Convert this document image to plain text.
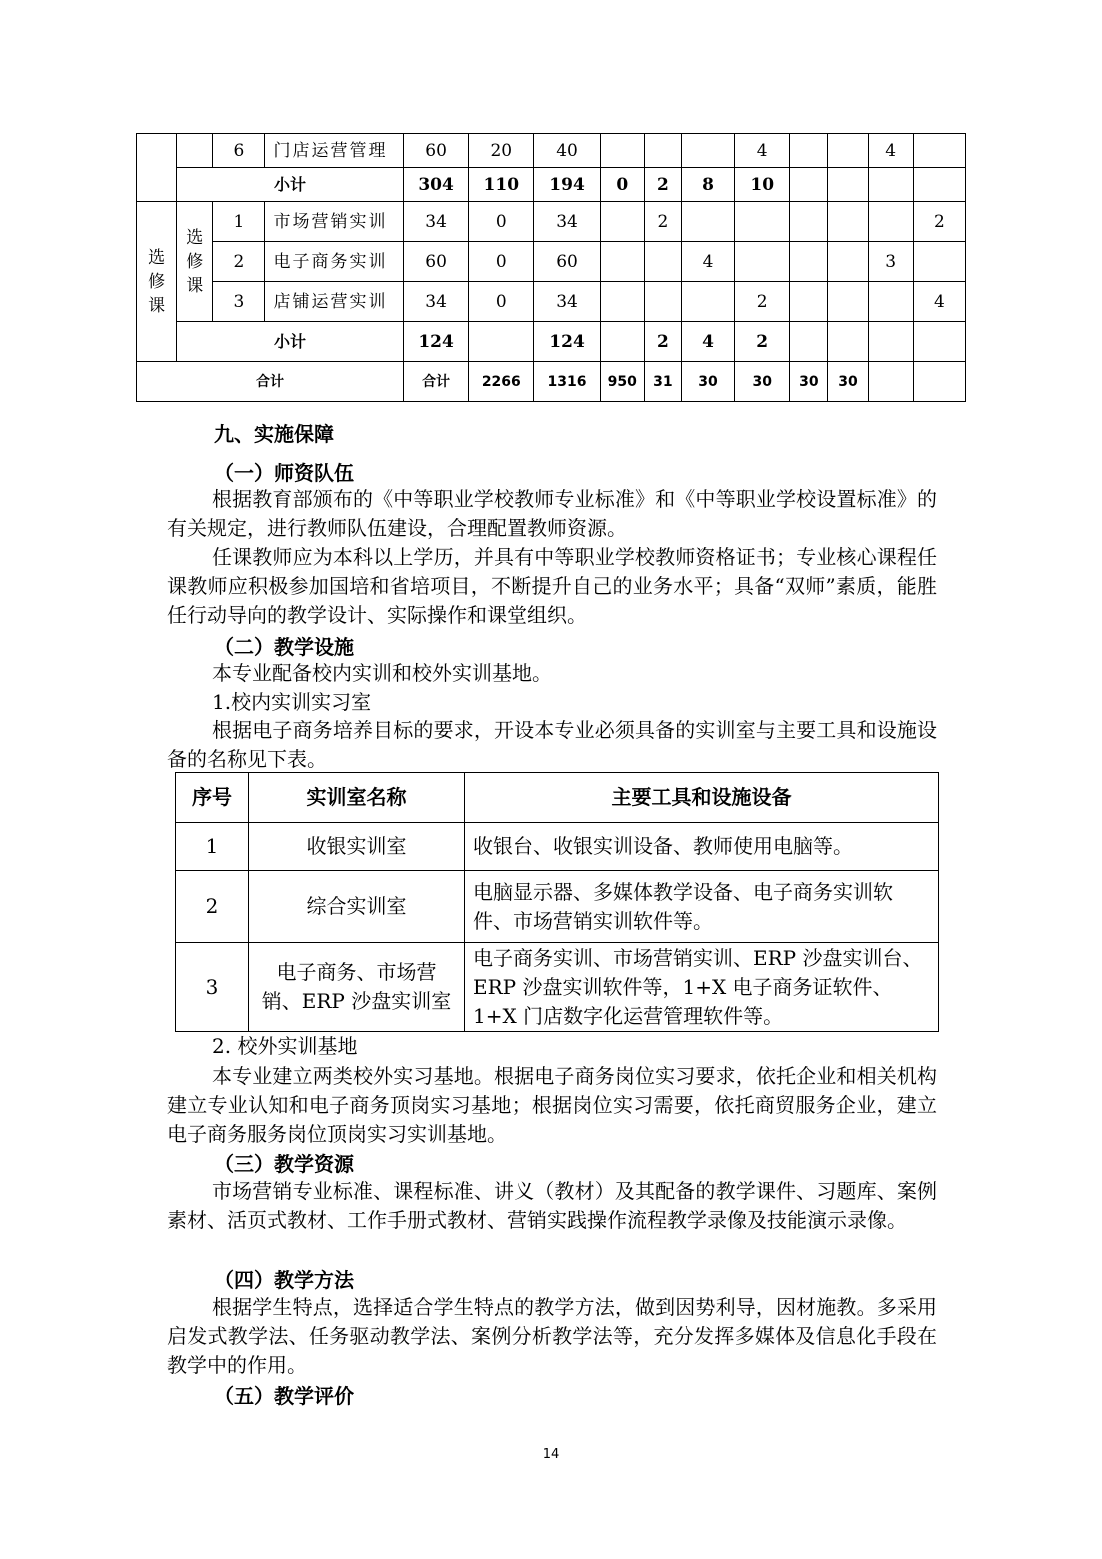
		6	门店运营管理	60	20	40				4			4	
	小计			304	110	194	0	2	8	10				
选修课	选修课	1	市场营销实训	34	0	34		2						2
		2	电子商务实训	60	0	60			4				3	
		3	店铺运营实训	34	0	34				2				4
	小计			124		124		2	4	2				
合计				合计	2266	1316	950	31	30	30	30	30		
九、实施保障
（一）师资队伍

根据教育部颁布的《中等职业学校教师专业标准》和《中等职业学校设置标准》的有关规定，进行教师队伍建设，合理配置教师资源。

任课教师应为本科以上学历，并具有中等职业学校教师资格证书；专业核心课程任课教师应积极参加国培和省培项目，不断提升自己的业务水平；具备“双师”素质，能胜任行动导向的教学设计、实际操作和课堂组织。

（二）教学设施
本专业配备校内实训和校外实训基地。
1.校内实训实习室

根据电子商务培养目标的要求，开设本专业必须具备的实训室与主要工具和设施设备的名称见下表。

序号	实训室名称	主要工具和设施设备
1	收银实训室	收银台、收银实训设备、教师使用电脑等。
2	综合实训室	电脑显示器、多媒体教学设备、电子商务实训软件、市场营销实训软件等。
3	电子商务、市场营销、ERP 沙盘实训室	电子商务实训、市场营销实训、ERP 沙盘实训台、ERP 沙盘实训软件等，1+X 电子商务证软件、1+X 门店数字化运营管理软件等。
2. 校外实训基地

本专业建立两类校外实习基地。根据电子商务岗位实习要求，依托企业和相关机构建立专业认知和电子商务顶岗实习基地；根据岗位实习需要，依托商贸服务企业，建立电子商务服务岗位顶岗实习实训基地。

（三）教学资源

市场营销专业标准、课程标准、讲义（教材）及其配备的教学课件、习题库、案例素材、活页式教材、工作手册式教材、营销实践操作流程教学录像及技能演示录像。

（四）教学方法

根据学生特点，选择适合学生特点的教学方法，做到因势利导，因材施教。多采用启发式教学法、任务驱动教学法、案例分析教学法等，充分发挥多媒体及信息化手段在教学中的作用。

（五）教学评价
14
